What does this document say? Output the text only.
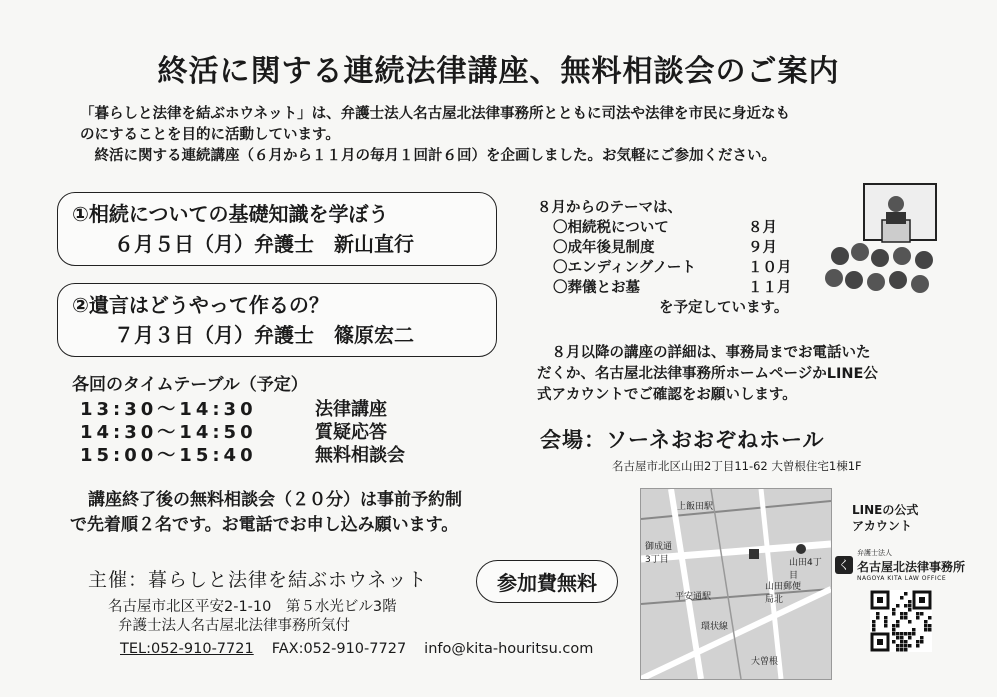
終活に関する連続法律講座、無料相談会のご案内
「暮らしと法律を結ぶホウネット」は、弁護士法人名古屋北法律事務所とともに司法や法律を市民に身近なも
のにすることを目的に活動しています。
　終活に関する連続講座（６月から１１月の毎月１回計６回）を企画しました。お気軽にご参加ください。
①相続についての基礎知識を学ぼう
６月５日（月）弁護士　新山直行
②遺言はどうやって作るの？
７月３日（月）弁護士　篠原宏二
各回のタイムテーブル（予定）
13:30～14:30	法律講座
14:30～14:50	質疑応答
15:00～15:40	無料相談会
講座終了後の無料相談会（２０分）は事前予約制
で先着順２名です。お電話でお申し込み願います。
主催：暮らしと法律を結ぶホウネット
名古屋市北区平安2-1-10　第５水光ビル3階
弁護士法人名古屋北法律事務所気付
TEL:052-910-7721 FAX:052-910-7727 info@kita-houritsu.com
参加費無料
８月からのテーマは、
〇相続税について	８月
〇成年後見制度	９月
〇エンディングノート	１０月
〇葬儀とお墓	１１月
を予定しています。
　８月以降の講座の詳細は、事務局までお電話いた
だくか、名古屋北法律事務所ホームページかLINE公
式アカウントでご確認をお願いします。
会場：ソーネおおぞねホール
名古屋市北区山田2丁目11-62 大曽根住宅1棟1F
上飯田駅
御成通3丁目	山田4丁目
山田郵便局北
平安通駅
環状線
大曽根
LINEの公式
アカウント
く
弁護士法人
名古屋北法律事務所
NAGOYA KITA LAW OFFICE
